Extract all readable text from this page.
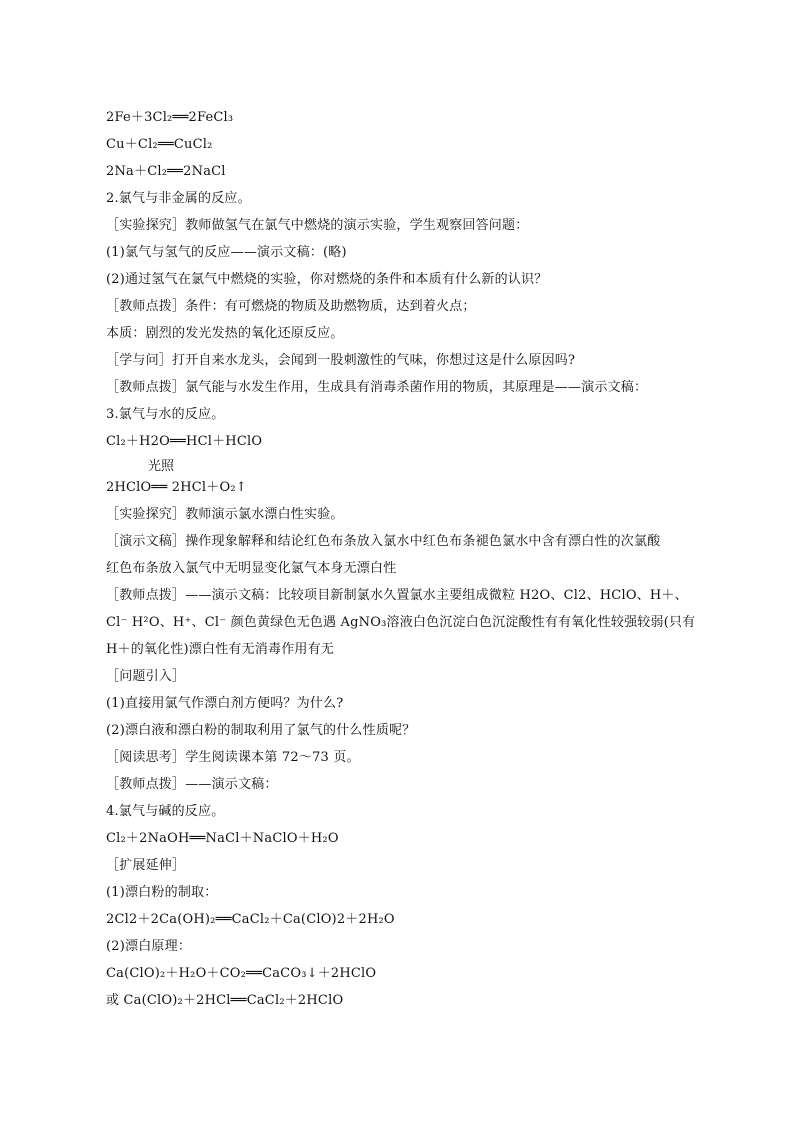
2Fe＋3Cl₂══2FeCl₃
Cu＋Cl₂══CuCl₂
2Na＋Cl₂══2NaCl
2.氯气与非金属的反应。
［实验探究］教师做氢气在氯气中燃烧的演示实验，学生观察回答问题：
(1)氯气与氢气的反应——演示文稿：(略)
(2)通过氢气在氯气中燃烧的实验，你对燃烧的条件和本质有什么新的认识？
［教师点拨］条件：有可燃烧的物质及助燃物质，达到着火点；
本质：剧烈的发光发热的氧化还原反应。
［学与问］打开自来水龙头，会闻到一股刺激性的气味，你想过这是什么原因吗?
［教师点拨］氯气能与水发生作用，生成具有消毒杀菌作用的物质，其原理是——演示文稿：
3.氯气与水的反应。
Cl₂＋H2O══HCl＋HClO
光照
2HClO══ 2HCl＋O₂↑
［实验探究］教师演示氯水漂白性实验。
［演示文稿］操作现象解释和结论红色布条放入氯水中红色布条褪色氯水中含有漂白性的次氯酸
红色布条放入氯气中无明显变化氯气本身无漂白性
［教师点拨］——演示文稿：比较项目新制氯水久置氯水主要组成微粒 H2O、Cl2、HClO、H＋、
Cl⁻ H²O、H⁺、Cl⁻ 颜色黄绿色无色遇 AgNO₃溶液白色沉淀白色沉淀酸性有有氧化性较强较弱(只有
H＋的氧化性)漂白性有无消毒作用有无
［问题引入］
(1)直接用氯气作漂白剂方便吗？为什么?
(2)漂白液和漂白粉的制取利用了氯气的什么性质呢？
［阅读思考］学生阅读课本第 72～73 页。
［教师点拨］——演示文稿：
4.氯气与碱的反应。
Cl₂＋2NaOH══NaCl＋NaClO＋H₂O
［扩展延伸］
(1)漂白粉的制取：
2Cl2＋2Ca(OH)₂══CaCl₂＋Ca(ClO)2＋2H₂O
(2)漂白原理：
Ca(ClO)₂＋H₂O＋CO₂══CaCO₃↓＋2HClO
或 Ca(ClO)₂＋2HCl══CaCl₂＋2HClO
